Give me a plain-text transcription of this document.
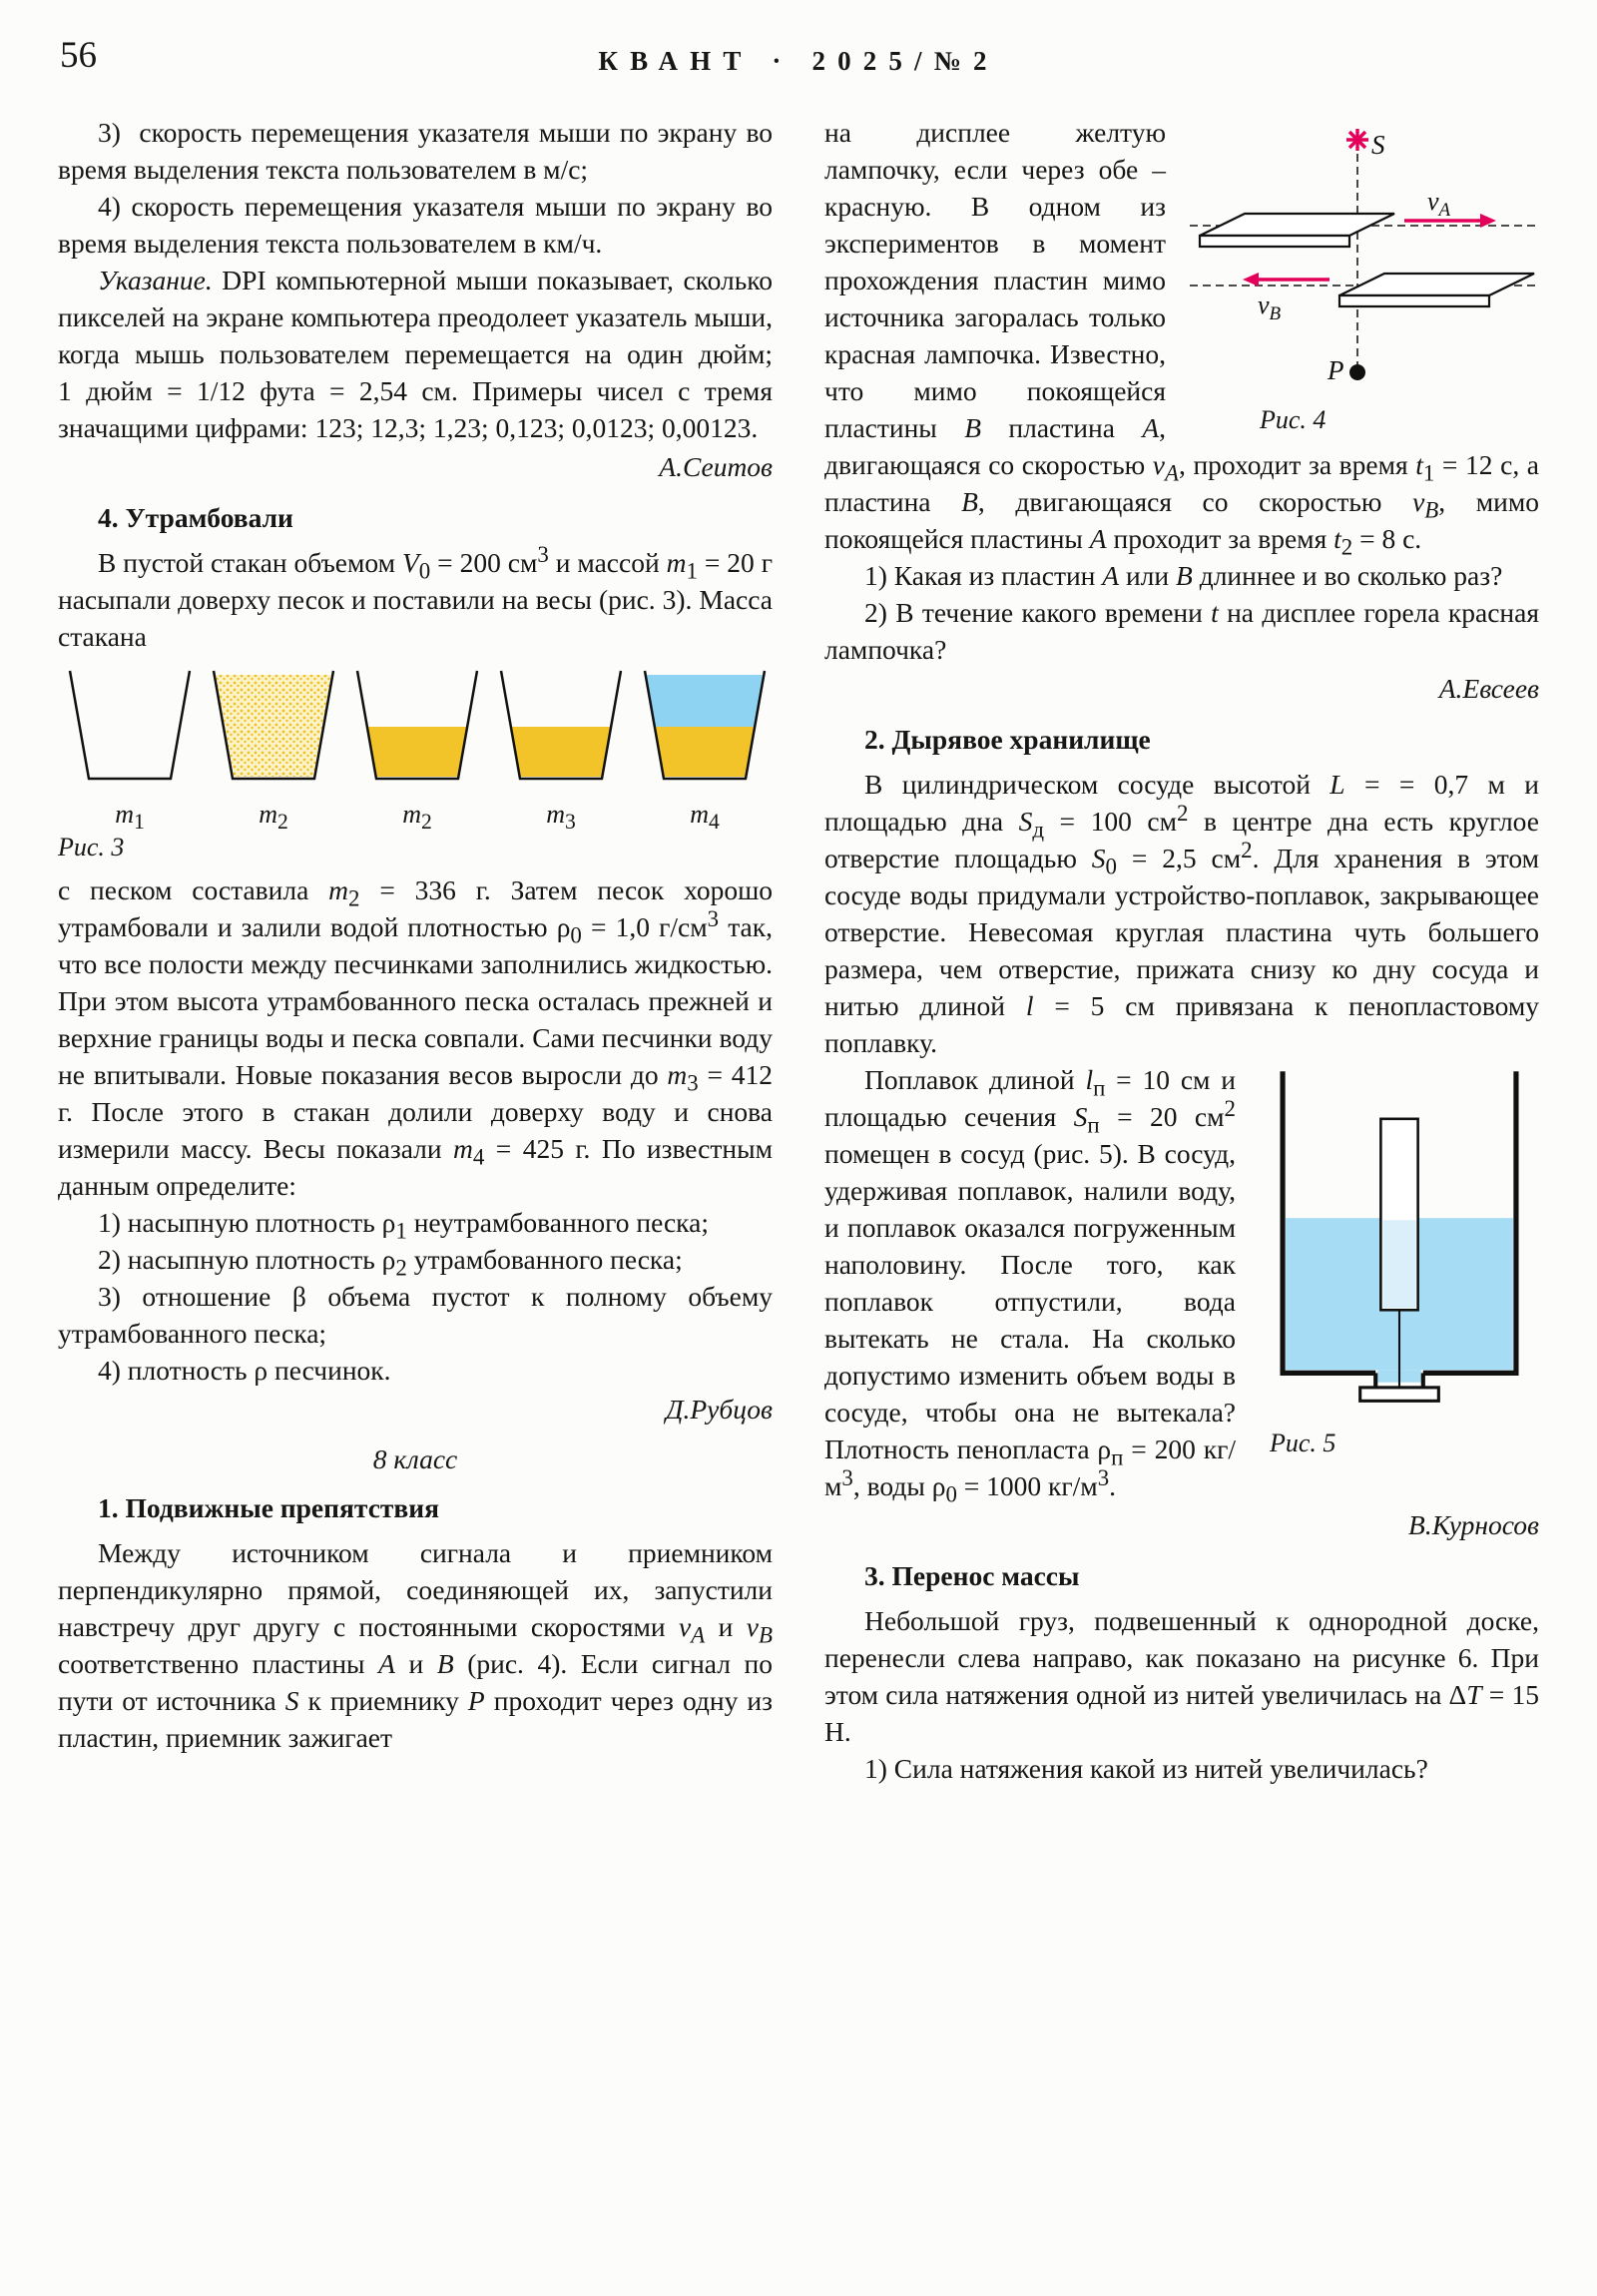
56	КВАНТ · 2025/№2

3)  скорость перемещения указателя мыши по экрану во время выделения текста пользователем в м/с;

4) скорость перемещения указателя мыши по экрану во время выделения текста пользователем в км/ч.

Указание. DPI компьютерной мыши показывает, сколько пикселей на экране компьютера преодолеет указатель мыши, когда мышь пользователем перемещается на один дюйм; 1 дюйм = 1/12 фута = 2,54 см. Примеры чисел с тремя значащими цифрами: 123; 12,3; 1,23; 0,123; 0,0123; 0,00123.

А.Сеитов

4. Утрамбовали

В пустой стакан объемом $V_0 = 200$ $см^3$ и массой $m_1 = 20$ г насыпали доверху песок и поставили на весы (рис. 3). Масса стакана

$m_1$	$m_2$	$m_2$	$m_3$	$m_4$
Рис. 3

с песком составила $m_2 = 336$ г. Затем песок хорошо утрамбовали и залили водой плотностью $\rho_0 = 1,0$ $г/см^3$ так, что все полости между песчинками заполнились жидкостью. При этом высота утрамбованного песка осталась прежней и верхние границы воды и песка совпали. Сами песчинки воду не впитывали. Новые показания весов выросли до $m_3 = 412$ г. После этого в стакан долили доверху воду и снова измерили массу. Весы показали $m_4 = 425$ г. По известным данным определите:

1) насыпную плотность $\rho_1$ неутрамбованного песка;

2) насыпную плотность $\rho_2$ утрамбованного песка;

3) отношение β объема пустот к полному объему утрамбованного песка;

4) плотность ρ песчинок.

Д.Рубцов

8 класс
1. Подвижные препятствия

Между источником сигнала и приемником перпендикулярно прямой, соединяющей их, запустили навстречу друг другу с постоянными скоростями $v_A$ и $v_B$ соответственно пластины A и B (рис. 4). Если сигнал по пути от источника S к приемнику P проходит через одну из пластин, приемник зажигает

S
$v_A$
$v_B$
P
Рис. 4

на дисплее желтую лампочку, если через обе – красную. В одном из экспериментов в момент прохождения пластин мимо источника загоралась только красная лампочка. Известно, что мимо покоящейся пластины B пластина A, двигающаяся со скоростью $v_A$, проходит за время $t_1 = 12$ с, а пластина B, двигающаяся со скоростью $v_B$, мимо покоящейся пластины A проходит за время $t_2 = 8$ с.

1) Какая из пластин A или B длиннее и во сколько раз?

2) В течение какого времени t на дисплее горела красная лампочка?

А.Евсеев

2. Дырявое хранилище

В цилиндрическом сосуде высотой L = = 0,7 м и площадью дна $S_д = 100$ $см^2$ в центре дна есть круглое отверстие площадью $S_0 = 2,5$ $см^2$. Для хранения в этом сосуде воды придумали устройство-поплавок, закрывающее отверстие. Невесомая круглая пластина чуть большего размера, чем отверстие, прижата снизу ко дну сосуда и нитью длиной l = 5 см привязана к пенопластовому поплавку.

Рис. 5

Поплавок длиной $l_п = 10$ см и площадью сечения $S_п = 20$ $см^2$ помещен в сосуд (рис. 5). В сосуд, удерживая поплавок, налили воду, и поплавок оказался погруженным наполовину. После того, как поплавок отпустили, вода вытекать не стала. На сколько допустимо изменить объем воды в сосуде, чтобы она не вытекала? Плотность пенопласта $\rho_п = 200$ $кг/м^3$, воды $\rho_0 = 1000$ $кг/м^3$.

В.Курносов

3. Перенос массы

Небольшой груз, подвешенный к однородной доске, перенесли слева направо, как показано на рисунке 6. При этом сила натяжения одной из нитей увеличилась на ΔT = 15 Н.

1) Сила натяжения какой из нитей увеличилась?
